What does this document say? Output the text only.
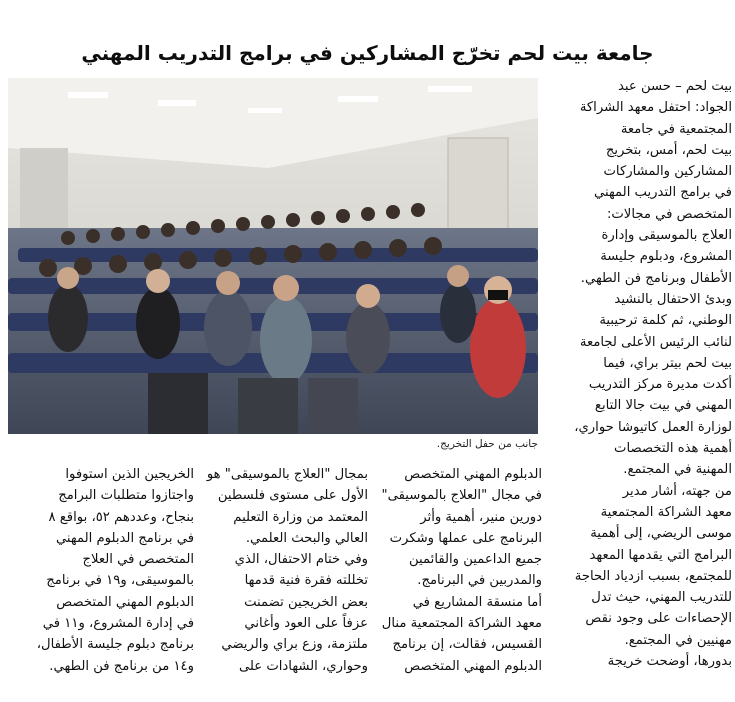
جامعة بيت لحم تخرّج المشاركين في برامج التدريب المهني
جانب من حفل التخريج.
بيت لحم – حسن عبد
الجواد: احتفل معهد الشراكة
المجتمعية في جامعة
بيت لحم، أمس، بتخريج
المشاركين والمشاركات
في برامج التدريب المهني
المتخصص في مجالات:
العلاج بالموسيقى وإدارة
المشروع، ودبلوم جليسة
الأطفال وبرنامج فن الطهي.
وبدئ الاحتفال بالنشيد
الوطني، ثم كلمة ترحيبية
لنائب الرئيس الأعلى لجامعة
بيت لحم بيتر براي، فيما
أكدت مديرة مركز التدريب
المهني في بيت جالا التابع
لوزارة العمل كاتيوشا حواري،
أهمية هذه التخصصات
المهنية في المجتمع.
من جهته، أشار مدير
معهد الشراكة المجتمعية
موسى الريضي، إلى أهمية
البرامج التي يقدمها المعهد
للمجتمع، بسبب ازدياد الحاجة
للتدريب المهني، حيث تدل
الإحصاءات على وجود نقص
مهنيين في المجتمع.
بدورها، أوضحت خريجة
الدبلوم المهني المتخصص
في مجال "العلاج بالموسيقى"
دورين منير، أهمية وأثر
البرنامج على عملها وشكرت
جميع الداعمين والقائمين
والمدربين في البرنامج.
أما منسقة المشاريع في
معهد الشراكة المجتمعية منال
القسيس، فقالت، إن برنامج
الدبلوم المهني المتخصص
بمجال "العلاج بالموسيقى" هو
الأول على مستوى فلسطين
المعتمد من وزارة التعليم
العالي والبحث العلمي.
وفي ختام الاحتفال، الذي
تخللته فقرة فنية قدمها
بعض الخريجين تضمنت
عزفاً على العود وأغاني
ملتزمة، وزع براي والريضي
وحواري، الشهادات على
الخريجين الذين استوفوا
واجتازوا متطلبات البرامج
بنجاح، وعددهم ٥٢، بواقع ٨
في برنامج الدبلوم المهني
المتخصص في العلاج
بالموسيقى، و١٩ في برنامج
الدبلوم المهني المتخصص
في إدارة المشروع، و١١ في
برنامج دبلوم جليسة الأطفال،
و١٤ من برنامج فن الطهي.
